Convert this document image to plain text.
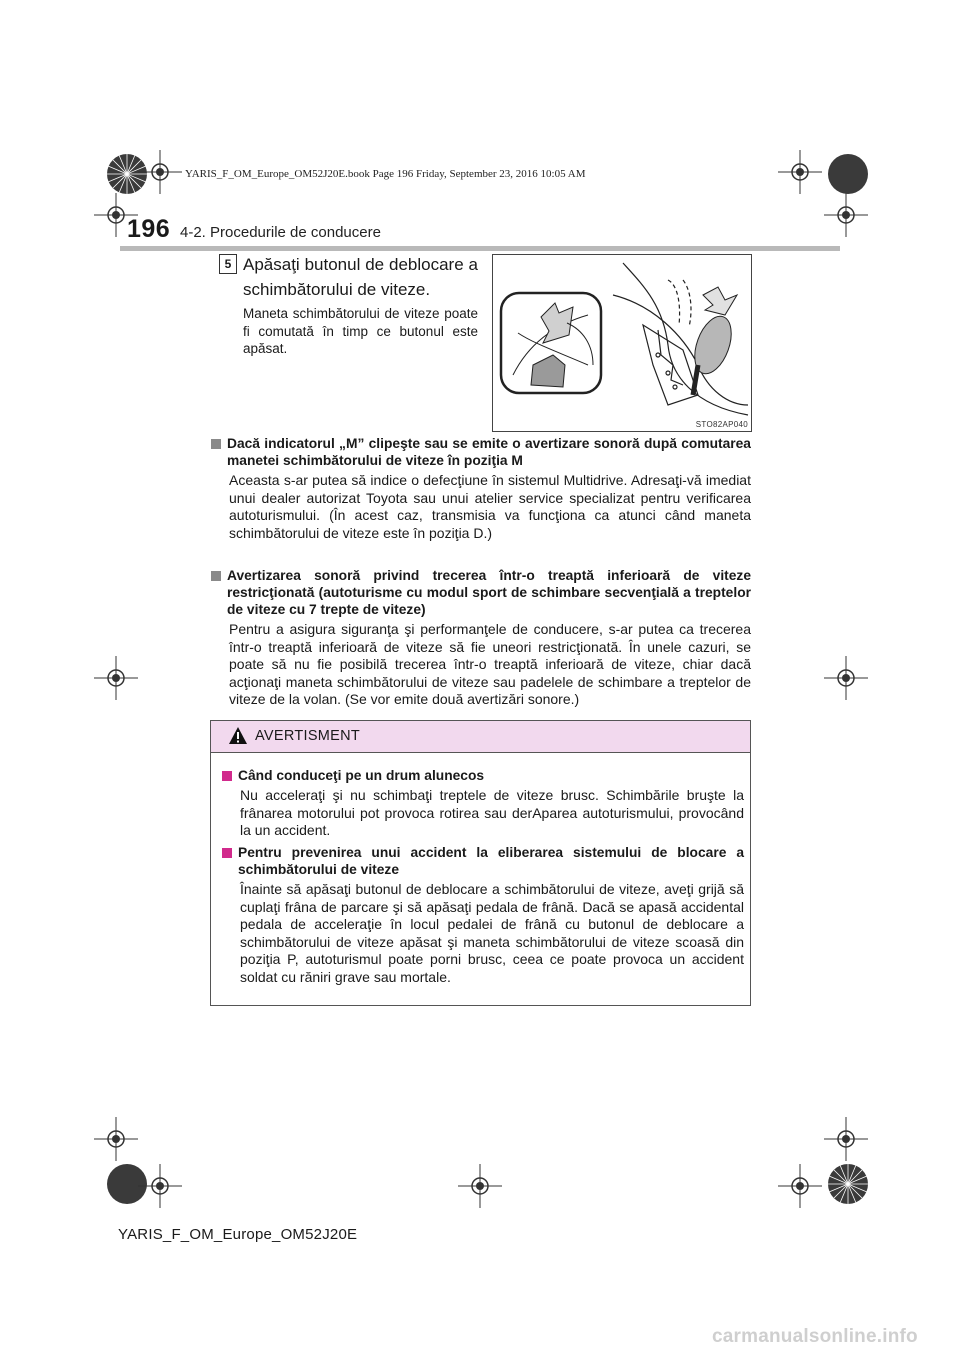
YARIS_F_OM_Europe_OM52J20E.book Page 196 Friday, September 23, 2016 10:05 AM
196 4-2. Procedurile de conducere
5 Apăsaţi butonul de deblocare a schimbătorului de viteze.
Maneta schimbătorului de viteze poate fi comutată în timp ce butonul este apăsat.
STO82AP040
Dacă indicatorul „M” clipeşte sau se emite o avertizare sonoră după comutarea manetei schimbătorului de viteze în poziţia M
Aceasta s-ar putea să indice o defecţiune în sistemul Multidrive. Adresaţi-vă imediat unui dealer autorizat Toyota sau unui atelier service specializat pentru verificarea autoturismului. (În acest caz, transmisia va funcţiona ca atunci când maneta schimbătorului de viteze este în poziţia D.)
Avertizarea sonoră privind trecerea într-o treaptă inferioară de viteze restricţionată (autoturisme cu modul sport de schimbare secvenţială a treptelor de viteze cu 7 trepte de viteze)
Pentru a asigura siguranţa şi performanţele de conducere, s-ar putea ca trecerea într-o treaptă inferioară de viteze să fie uneori restricţionată. În unele cazuri, se poate să nu fie posibilă trecerea într-o treaptă inferioară de viteze, chiar dacă acţionaţi maneta schimbătorului de viteze sau padelele de schimbare a treptelor de viteze de la volan. (Se vor emite două avertizări sonore.)
AVERTISMENT
Când conduceţi pe un drum alunecos
Nu acceleraţi şi nu schimbaţi treptele de viteze brusc. Schimbările bruşte la frânarea motorului pot provoca rotirea sau derAparea autoturismului, provocând la un accident.
Pentru prevenirea unui accident la eliberarea sistemului de blocare a schimbătorului de viteze
Înainte să apăsaţi butonul de deblocare a schimbătorului de viteze, aveţi grijă să cuplaţi frâna de parcare şi să apăsaţi pedala de frână. Dacă se apasă accidental pedala de acceleraţie în locul pedalei de frână cu butonul de deblocare a schimbătorului de viteze apăsat şi maneta schimbătorului de viteze scoasă din poziţia P, autoturismul poate porni brusc, ceea ce poate provoca un accident soldat cu răniri grave sau mortale.
YARIS_F_OM_Europe_OM52J20E
carmanualsonline.info
